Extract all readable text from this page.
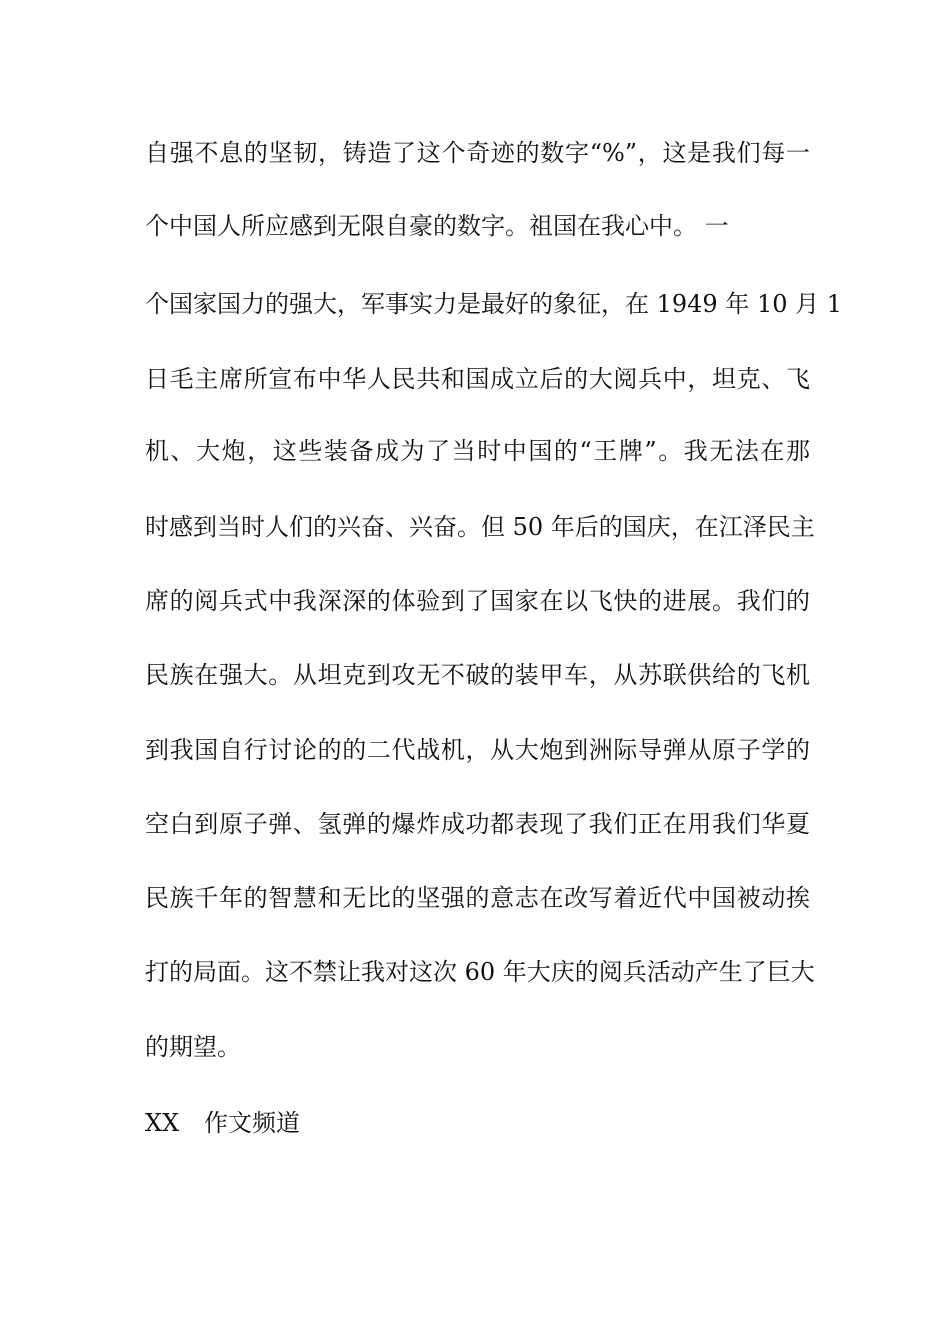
自强不息的坚韧，铸造了这个奇迹的数字“%”，这是我们每一
个中国人所应感到无限自豪的数字。祖国在我心中。 一
个国家国力的强大，军事实力是最好的象征，在 1949 年 10 月 1
日毛主席所宣布中华人民共和国成立后的大阅兵中，坦克、飞
机、大炮，这些装备成为了当时中国的“王牌”。我无法在那
时感到当时人们的兴奋、兴奋。但 50 年后的国庆，在江泽民主
席的阅兵式中我深深的体验到了国家在以飞快的进展。我们的
民族在强大。从坦克到攻无不破的装甲车，从苏联供给的飞机
到我国自行讨论的的二代战机，从大炮到洲际导弹从原子学的
空白到原子弹、氢弹的爆炸成功都表现了我们正在用我们华夏
民族千年的智慧和无比的坚强的意志在改写着近代中国被动挨
打的局面。这不禁让我对这次 60 年大庆的阅兵活动产生了巨大
的期望。
XX 作文频道
